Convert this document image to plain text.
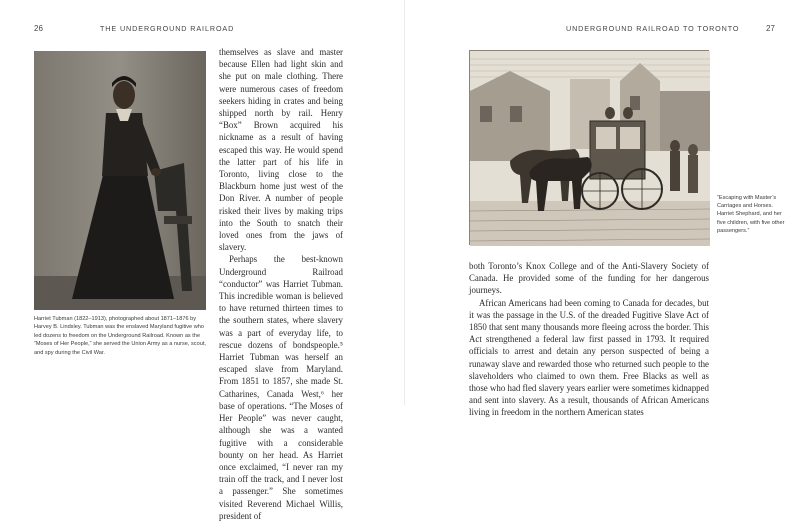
26	THE UNDERGROUND RAILROAD
Harriet Tubman (1822–1913), photographed about 1871–1876 by Harvey B. Lindsley. Tubman was the enslaved Maryland fugitive who led dozens to freedom on the Underground Railroad. Known as the “Moses of Her People,” she served the Union Army as a nurse, scout, and spy during the Civil War.

themselves as slave and master because Ellen had light skin and she put on male clothing. There were numerous cases of freedom seekers hiding in crates and being shipped north by rail. Henry “Box” Brown acquired his nickname as a result of having escaped this way. He would spend the latter part of his life in Toronto, living close to the Blackburn home just west of the Don River. A number of people risked their lives by making trips into the South to snatch their loved ones from the jaws of slavery.

Perhaps the best-known Underground Railroad “conductor” was Harriet Tubman. This incredible woman is believed to have returned thirteen times to the southern states, where slavery was a part of everyday life, to rescue dozens of bondspeople.⁵ Harriet Tubman was herself an escaped slave from Maryland. From 1851 to 1857, she made St. Catharines, Canada West,⁶ her base of operations. “The Moses of Her People” was never caught, although she was a wanted fugitive with a considerable bounty on her head. As Harriet once exclaimed, “I never ran my train off the track, and I never lost a passenger.” She sometimes visited Reverend Michael Willis, president of

UNDERGROUND RAILROAD TO TORONTO	27
“Escaping with Master’s Carriages and Horses. Harriet Shephard, and her five children, with five other passengers.”

both Toronto’s Knox College and of the Anti-Slavery Society of Canada. He provided some of the funding for her dangerous journeys.

African Americans had been coming to Canada for decades, but it was the passage in the U.S. of the dreaded Fugitive Slave Act of 1850 that sent many thousands more fleeing across the border. This Act strengthened a federal law first passed in 1793. It required officials to arrest and detain any person suspected of being a runaway slave and rewarded those who returned such people to the slaveholders who claimed to own them. Free Blacks as well as those who had fled slavery years earlier were sometimes kidnapped and sent into slavery. As a result, thousands of African Americans living in freedom in the northern American states
